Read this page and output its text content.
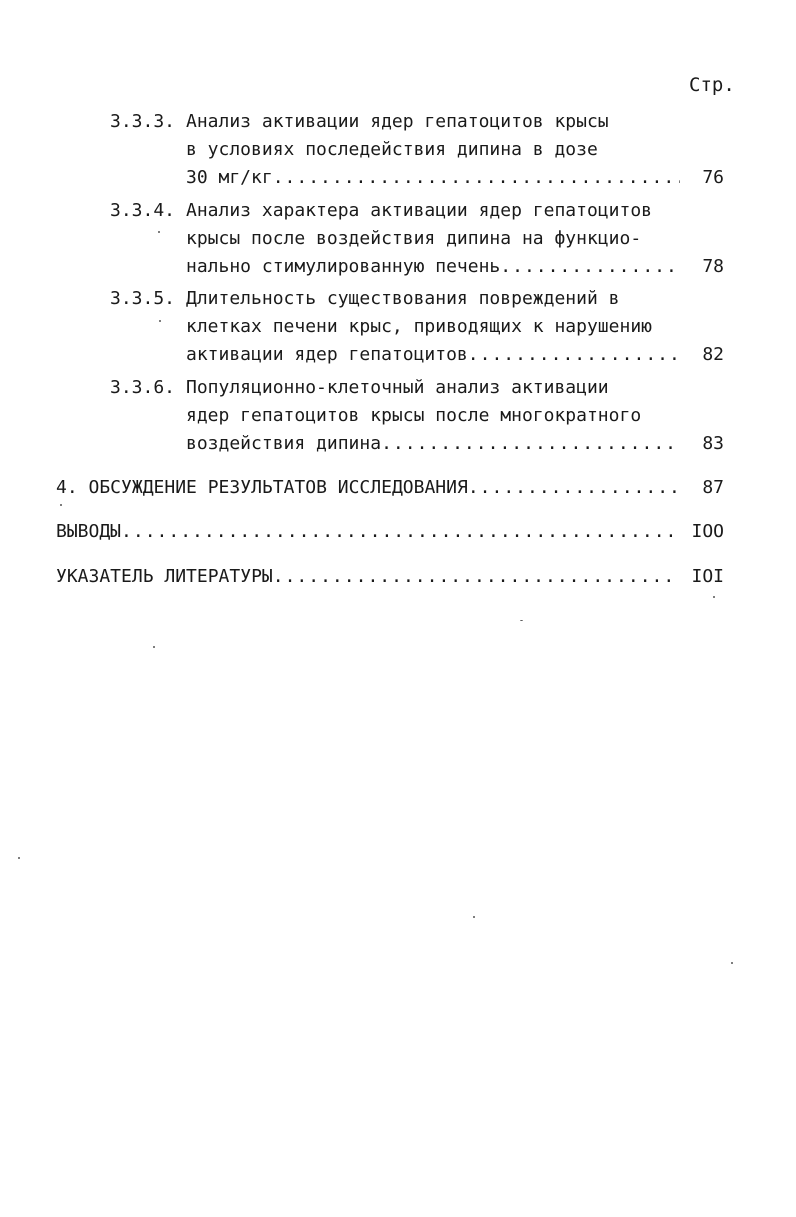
Стр.
3.3.3. Анализ активации ядер гепатоцитов крысы
в условиях последействия дипина в дозе
30 мг/кг .....	76
3.3.4. Анализ характера активации ядер гепатоцитов
крысы после воздействия дипина на функцио-
нально стимулированную печень .....	78
3.3.5. Длительность существования повреждений в
клетках печени крыс, приводящих к нарушению
активации ядер гепатоцитов .....	82
3.3.6. Популяционно-клеточный анализ активации
ядер гепатоцитов крысы после многократного
воздействия дипина .....	83
4. ОБСУЖДЕНИЕ РЕЗУЛЬТАТОВ ИССЛЕДОВАНИЯ .....	87
ВЫВОДЫ .....	IOO
УКАЗАТЕЛЬ ЛИТЕРАТУРЫ .....	IOI
